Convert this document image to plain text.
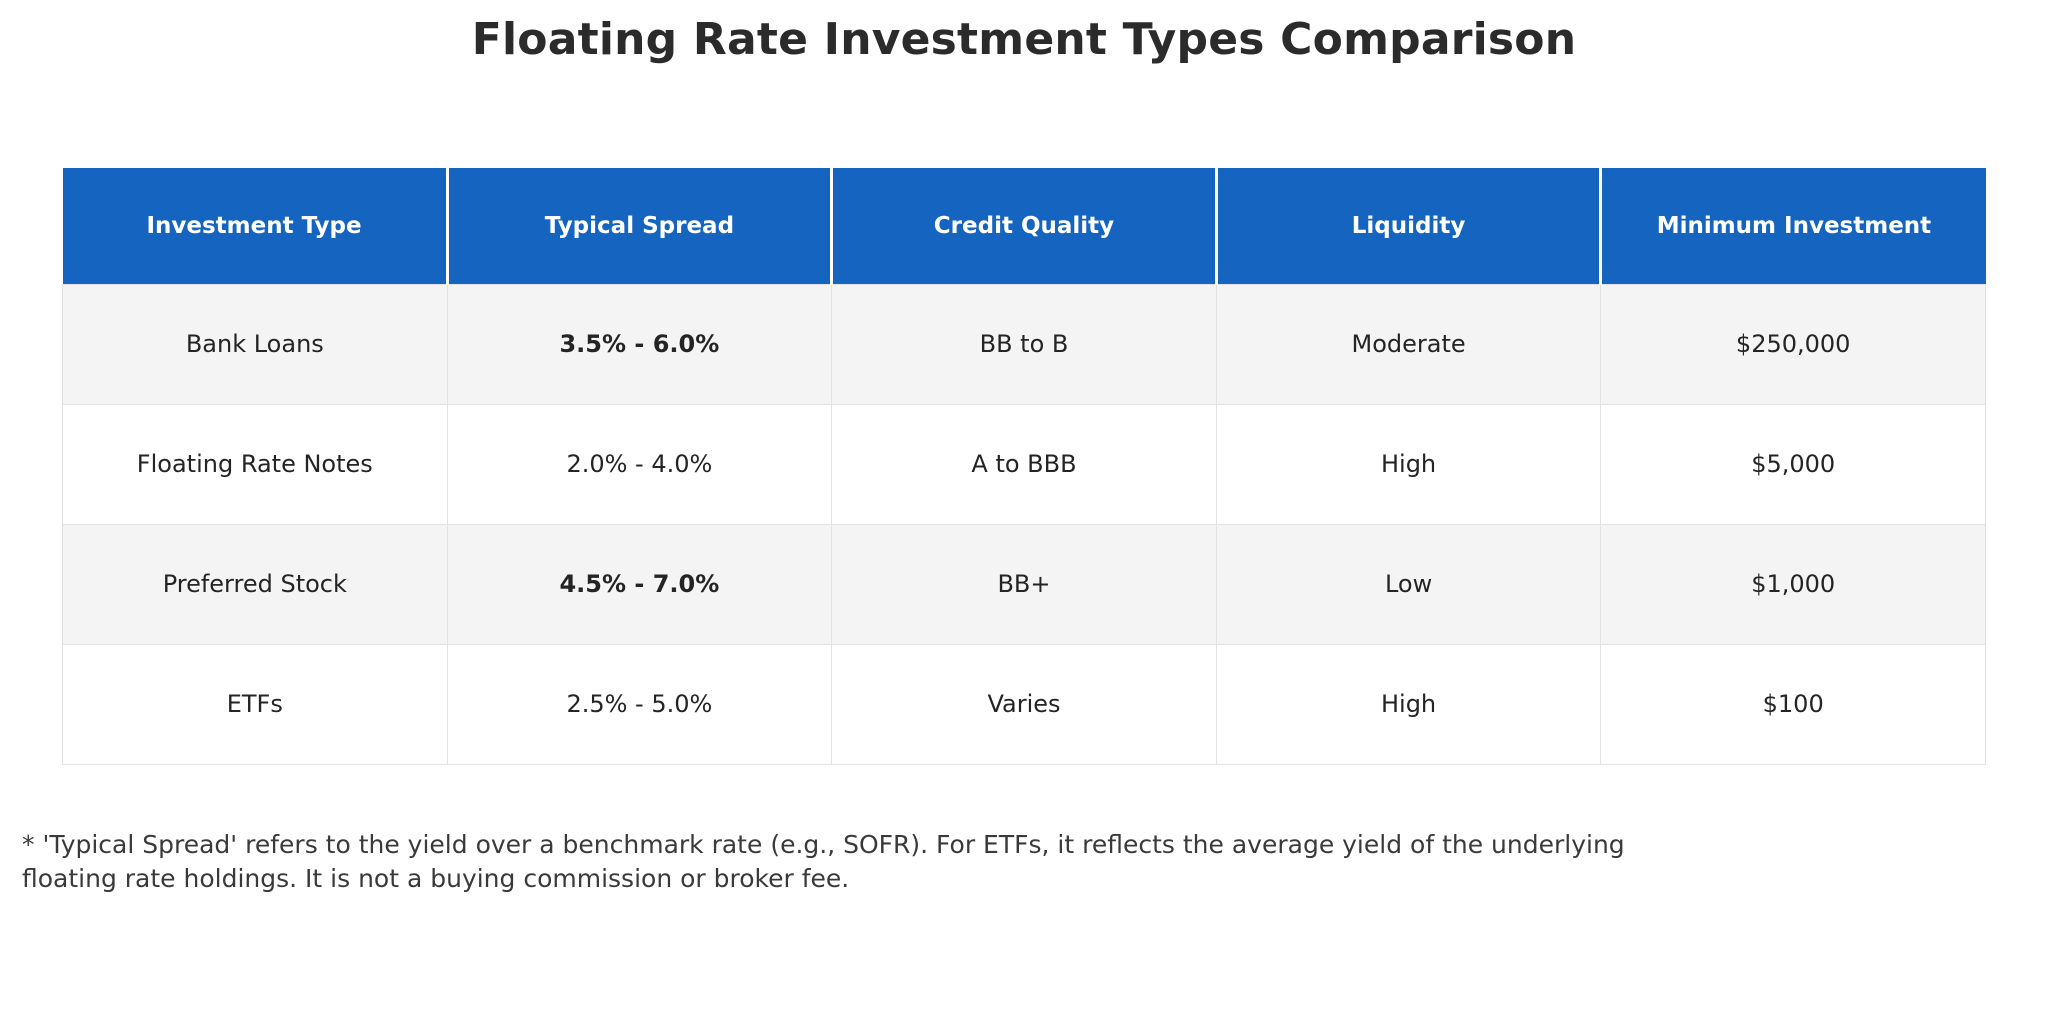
Floating Rate Investment Types Comparison
Investment Type	Typical Spread	Credit Quality	Liquidity	Minimum Investment
Bank Loans	3.5% - 6.0%	BB to B	Moderate	$250,000
Floating Rate Notes	2.0% - 4.0%	A to BBB	High	$5,000
Preferred Stock	4.5% - 7.0%	BB+	Low	$1,000
ETFs	2.5% - 5.0%	Varies	High	$100
* 'Typical Spread' refers to the yield over a benchmark rate (e.g., SOFR). For ETFs, it reflects the average yield of the underlying floating rate holdings. It is not a buying commission or broker fee.
